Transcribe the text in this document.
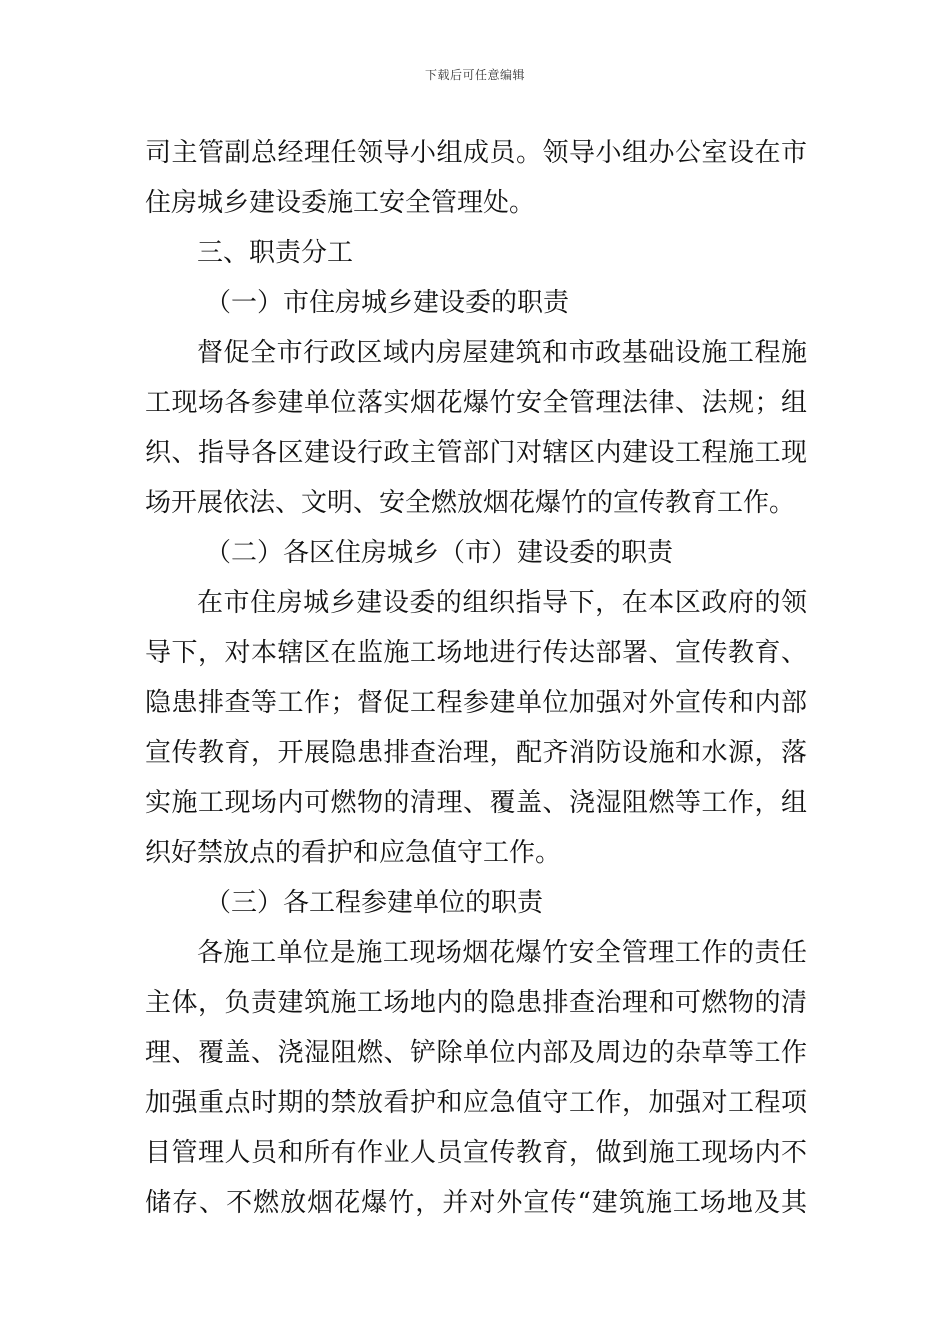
下载后可任意编辑
司主管副总经理任领导小组成员。领导小组办公室设在市
住房城乡建设委施工安全管理处。
三、职责分工
（一）市住房城乡建设委的职责
督促全市行政区域内房屋建筑和市政基础设施工程施
工现场各参建单位落实烟花爆竹安全管理法律、法规；组
织、指导各区建设行政主管部门对辖区内建设工程施工现
场开展依法、文明、安全燃放烟花爆竹的宣传教育工作。
（二）各区住房城乡（市）建设委的职责
在市住房城乡建设委的组织指导下，在本区政府的领
导下，对本辖区在监施工场地进行传达部署、宣传教育、
隐患排查等工作；督促工程参建单位加强对外宣传和内部
宣传教育，开展隐患排查治理，配齐消防设施和水源，落
实施工现场内可燃物的清理、覆盖、浇湿阻燃等工作，组
织好禁放点的看护和应急值守工作。
（三）各工程参建单位的职责
各施工单位是施工现场烟花爆竹安全管理工作的责任
主体，负责建筑施工场地内的隐患排查治理和可燃物的清
理、覆盖、浇湿阻燃、铲除单位内部及周边的杂草等工作
加强重点时期的禁放看护和应急值守工作，加强对工程项
目管理人员和所有作业人员宣传教育，做到施工现场内不
储存、不燃放烟花爆竹，并对外宣传“建筑施工场地及其
